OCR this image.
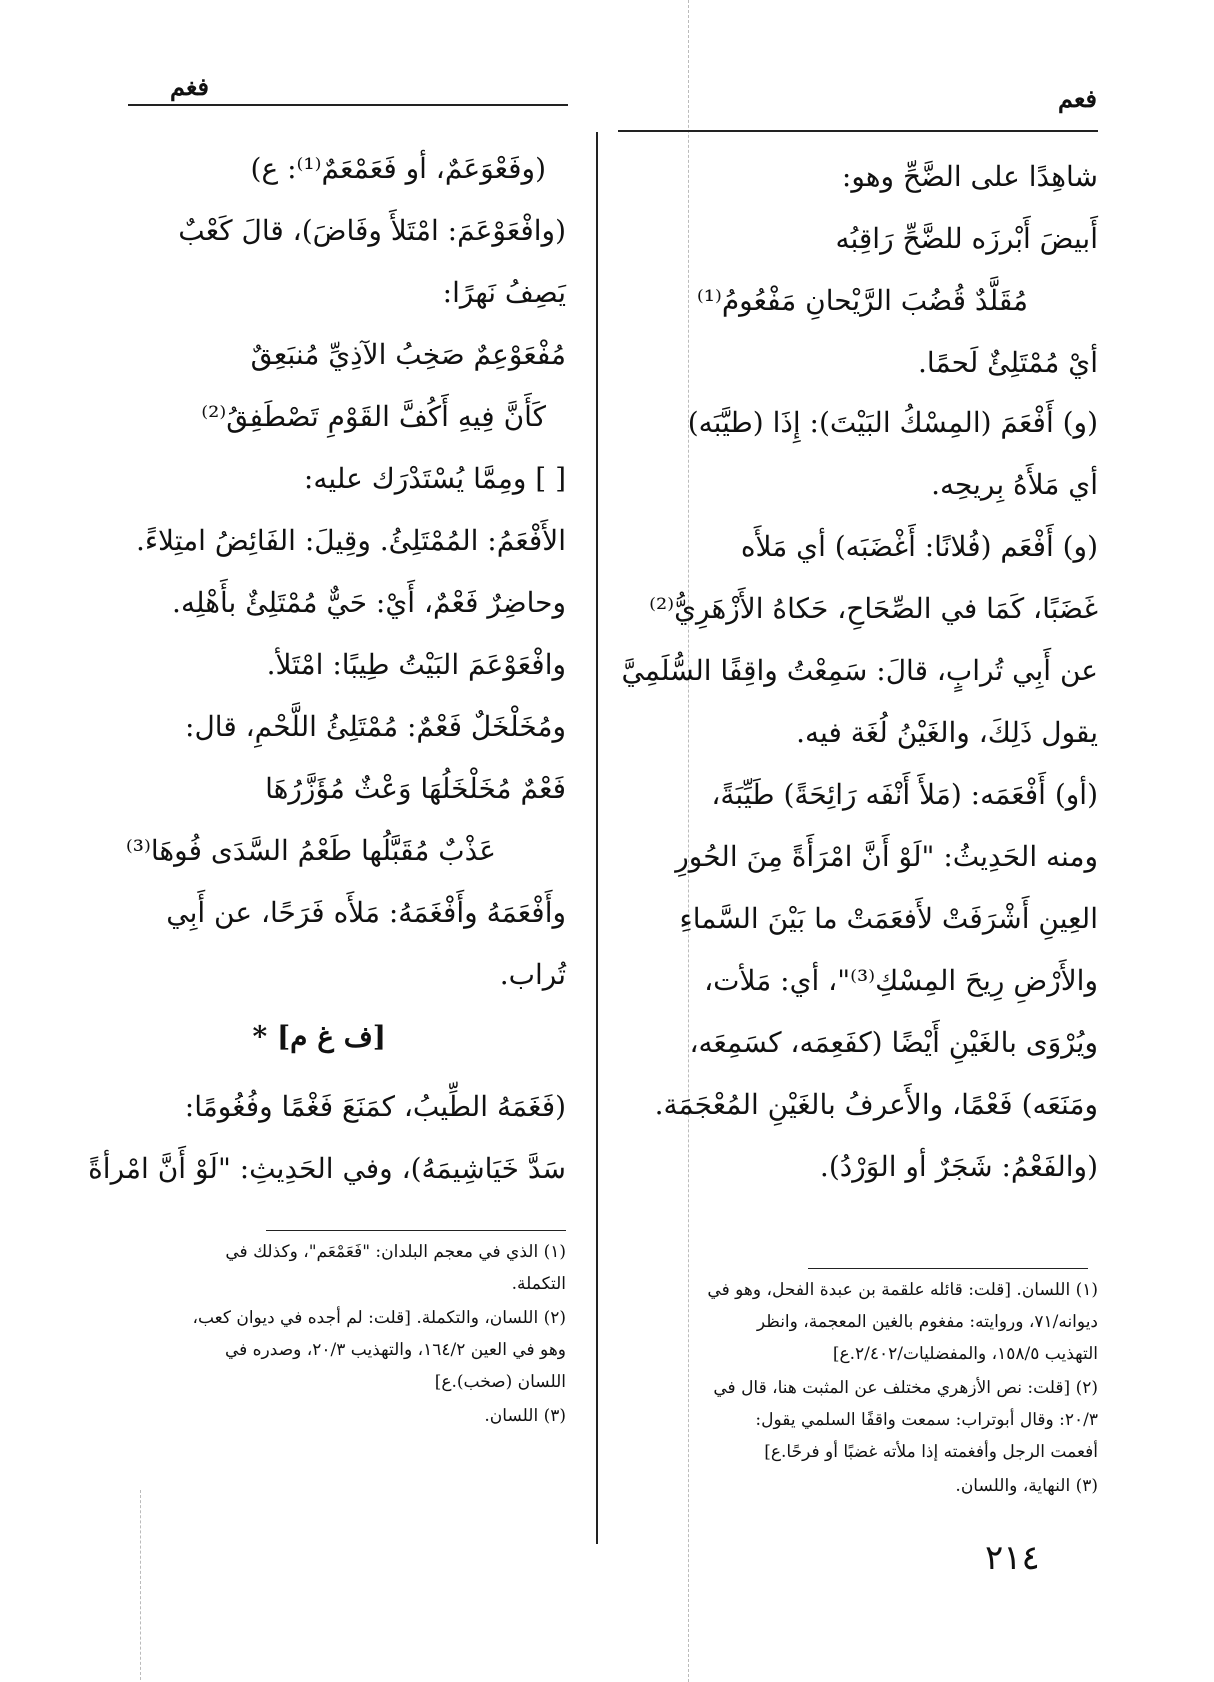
فغم	فعم
شاهِدًا على الضَّحِّ وهو:
أَبيضَ أَبْرزَه للضَّحِّ رَاقِبُه
مُقَلَّدٌ قُضُبَ الرَّيْحانِ مَفْعُومُ⁽¹⁾
أيْ مُمْتَلِئٌ لَحمًا.
(و) أَفْعَمَ (المِسْكُ البَيْتَ): إِذَا (طيَّبَه)
أي مَلأَهُ بِريحِه.
(و) أَفْعَم (فُلانًا: أَغْضَبَه) أي مَلأَه
غَضَبًا، كَمَا في الصِّحَاحِ، حَكاهُ الأَزْهَرِيُّ⁽²⁾
عن أَبِي تُرابٍ، قالَ: سَمِعْتُ واقِفًا السُّلَمِيَّ
يقول ذَلِكَ، والغَيْنُ لُغَة فيه.
(أو) أَفْعَمَه: (مَلأَ أَنْفَه رَائِحَةً) طَيِّبَةً،
ومنه الحَدِيثُ: "لَوْ أَنَّ امْرَأَةً مِنَ الحُورِ
العِينِ أَشْرَفَتْ لأَفعَمَتْ ما بَيْنَ السَّماءِ
والأَرْضِ رِيحَ المِسْكِ⁽³⁾"، أي: مَلأت،
ويُرْوَى بالغَيْنِ أَيْضًا (كفَعِمَه، كسَمِعَه،
ومَنَعَه) فَعْمًا، والأَعرفُ بالغَيْنِ المُعْجَمَة.
(والفَعْمُ: شَجَرٌ أو الوَرْدُ).
(١) اللسان. [قلت: قائله علقمة بن عبدة الفحل، وهو في
ديوانه/٧١، وروايته: مفغوم بالغين المعجمة، وانظر
التهذيب ١٥٨/٥، والمفضليات/٢/٤٠٢.ع]
(٢) [قلت: نص الأزهري مختلف عن المثبت هنا، قال في
٢٠/٣: وقال أبوتراب: سمعت واقفًا السلمي يقول:
أفعمت الرجل وأفغمته إذا ملأته غضبًا أو فرحًا.ع]
(٣) النهاية، واللسان.
(وفَعْوَعَمٌ، أو فَعَمْعَمٌ⁽¹⁾: ع)
(وافْعَوْعَمَ: امْتَلأَ وفَاضَ)، قالَ كَعْبٌ
يَصِفُ نَهرًا:
مُفْعَوْعِمٌ صَخِبُ الآذِيِّ مُنبَعِقٌ
كَأَنَّ فِيهِ أَكُفَّ القَوْمِ تَصْطَفِقُ⁽²⁾
[ ] ومِمَّا يُسْتَدْرَك عليه:
الأَفْعَمُ: المُمْتَلِئُ. وقِيلَ: الفَائِضُ امتِلاءً.
وحاضِرٌ فَعْمٌ، أَيْ: حَيٌّ مُمْتَلِئٌ بأَهْلِه.
وافْعَوْعَمَ البَيْتُ طِيبًا: امْتَلأ.
ومُخَلْخَلٌ فَعْمٌ: مُمْتَلِئُ اللَّحْمِ، قال:
فَعْمٌ مُخَلْخَلُهَا وَعْثٌ مُؤَزَّرُهَا
عَذْبٌ مُقَبَّلُها طَعْمُ السَّدَى فُوهَا⁽³⁾
وأَفْعَمَهُ وأَفْغَمَهُ: مَلأَه فَرَحًا، عن أَبِي
تُراب.
[ف غ م] *
(فَغَمَهُ الطِّيبُ، كمَنَعَ فَغْمًا وفُغُومًا:
سَدَّ خَيَاشِيمَهُ)، وفي الحَدِيثِ: "لَوْ أَنَّ امْرأةً
(١) الذي في معجم البلدان: "فَعَمْعَم"، وكذلك في
التكملة.
(٢) اللسان، والتكملة. [قلت: لم أجده في ديوان كعب،
وهو في العين ١٦٤/٢، والتهذيب ٢٠/٣، وصدره في
اللسان (صخب).ع]
(٣) اللسان.
٢١٤
